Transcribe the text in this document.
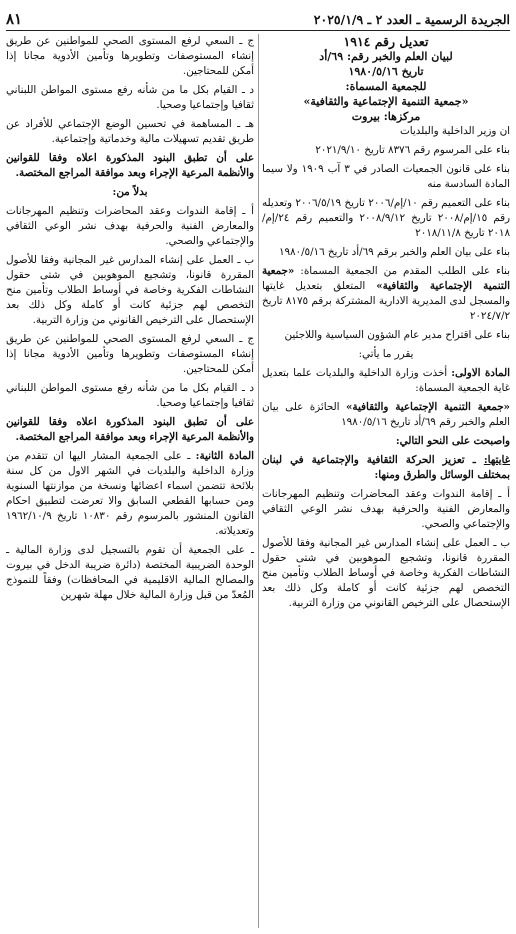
الجريدة الرسمية ـ العدد ٢ ـ ٢٠٢٥/١/٩
٨١
تعديل رقم ١٩١٤
لبيان العلم والخبر رقم: ٦٩/أد
تاريخ ١٩٨٠/٥/١٦
للجمعية المسماة:
«جمعية التنمية الإجتماعية والثقافية»
مركزها: بيروت

ان وزير الداخلية والبلديات

بناء على المرسوم رقم ٨٣٧٦ تاريخ ٢٠٢١/٩/١٠

بناء على قانون الجمعيات الصادر في ٣ آب ١٩٠٩ ولا سيما المادة السادسة منه

بناء على التعميم رقم ١٠/إم/٢٠٠٦ تاريخ ٢٠٠٦/٥/١٩ وتعديله رقم ١٥/إم/٢٠٠٨ تاريخ ٢٠٠٨/٩/١٢ والتعميم رقم ٢٤/إم/٢٠١٨ تاريخ ٢٠١٨/١١/٨

بناء على بيان العلم والخبر برقم ٦٩/أد تاريخ ١٩٨٠/٥/١٦

بناء على الطلب المقدم من الجمعية المسماة: «جمعية التنمية الإجتماعية والثقافية» المتعلق بتعديل غايتها والمسجل لدى المديرية الادارية المشتركة برقم ٨١٧٥ تاريخ ٢٠٢٤/٧/٢

بناء على اقتراح مدير عام الشؤون السياسية واللاجئين

يقرر ما يأتي:

المادة الاولى: أخذت وزارة الداخلية والبلديات علما بتعديل غاية الجمعية المسماة:

«جمعية التنمية الإجتماعية والثقافية» الحائزة على بيان العلم والخبر رقم ٦٩/أد تاريخ ١٩٨٠/٥/١٦

واصبحت على النحو التالي:

غايتها: ـ تعزيز الحركة الثقافية والإجتماعية في لبنان بمختلف الوسائل والطرق ومنها:

أ ـ إقامة الندوات وعقد المحاضرات وتنظيم المهرجانات والمعارض الفنية والحرفية بهدف نشر الوعي الثقافي والإجتماعي والصحي.

ب ـ العمل على إنشاء المدارس غير المجانية وفقا للأصول المقررة قانونا، وتشجيع الموهوبين في شتى حقول النشاطات الفكرية وخاصة في أوساط الطلاب وتأمين منح التخصص لهم جزئية كانت أو كاملة وكل ذلك بعد الإستحصال على الترخيص القانوني من وزارة التربية.

ج ـ السعي لرفع المستوى الصحي للمواطنين عن طريق إنشاء المستوصفات وتطويرها وتأمين الأدوية مجانا إذا أمكن للمحتاجين.

د ـ القيام بكل ما من شأنه رفع مستوى المواطن اللبناني ثقافيا وإجتماعيا وصحيا.

هـ ـ المساهمة في تحسين الوضع الإجتماعي للأفراد عن طريق تقديم تسهيلات مالية وخدماتية وإجتماعية.

على أن تطبق البنود المذكورة اعلاه وفقا للقوانين والأنظمة المرعية الإجراء وبعد موافقة المراجع المختصة.

بدلاً من:

أ ـ إقامة الندوات وعقد المحاضرات وتنظيم المهرجانات والمعارض الفنية والحرفية بهدف نشر الوعي الثقافي والإجتماعي والصحي.

ب ـ العمل على إنشاء المدارس غير المجانية وفقا للأصول المقررة قانونا، وتشجيع الموهوبين في شتى حقول النشاطات الفكرية وخاصة في أوساط الطلاب وتأمين منح التخصص لهم جزئية كانت أو كاملة وكل ذلك بعد الإستحصال على الترخيص القانوني من وزارة التربية.

ج ـ السعي لرفع المستوى الصحي للمواطنين عن طريق إنشاء المستوصفات وتطويرها وتأمين الأدوية مجانا إذا أمكن للمحتاجين.

د ـ القيام بكل ما من شأنه رفع مستوى المواطن اللبناني ثقافيا وإجتماعيا وصحيا.

على أن تطبق البنود المذكورة اعلاه وفقا للقوانين والأنظمة المرعية الإجراء وبعد موافقة المراجع المختصة.

المادة الثانية: ـ على الجمعية المشار اليها ان تتقدم من وزارة الداخلية والبلديات في الشهر الاول من كل سنة بلائحة تتضمن اسماء اعضائها ونسخة من موازنتها السنوية ومن حسابها القطعي السابق والا تعرضت لتطبيق احكام القانون المنشور بالمرسوم رقم ١٠٨٣٠ تاريخ ١٩٦٢/١٠/٩ وتعديلاته.

ـ على الجمعية أن تقوم بالتسجيل لدى وزارة المالية ـ الوحدة الضريبية المختصة (دائرة ضريبة الدخل في بيروت والمصالح المالية الاقليمية في المحافظات) وفقاً للنموذج المُعدّ من قبل وزارة المالية خلال مهلة شهرين
